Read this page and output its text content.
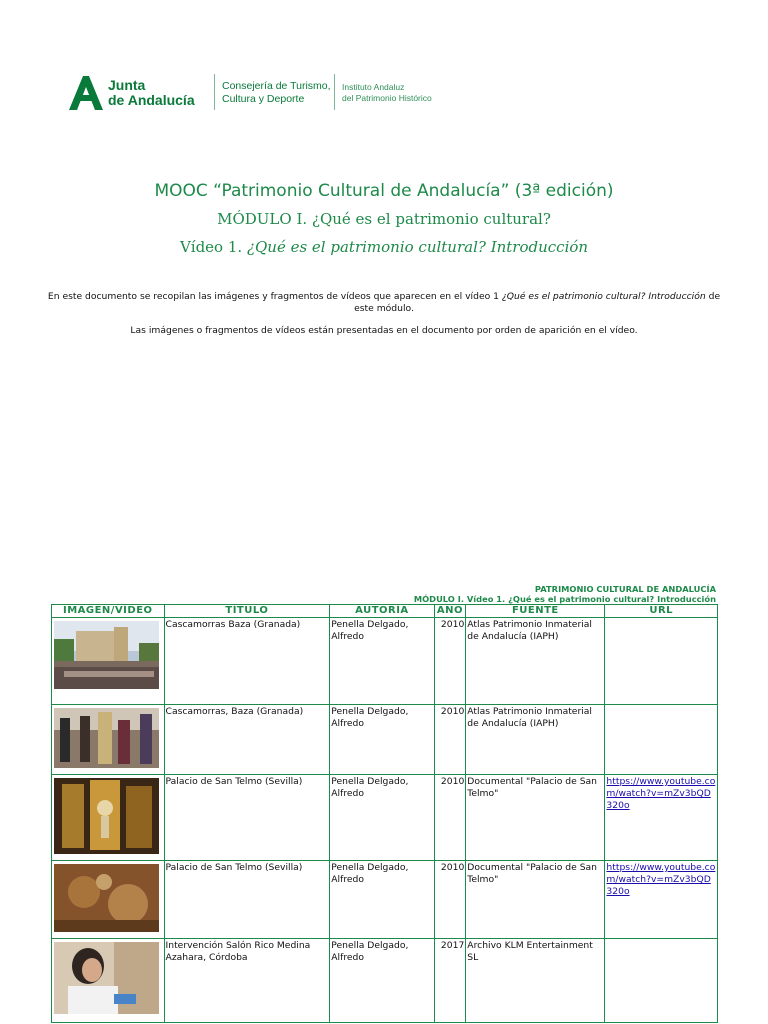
Junta
de Andalucía
Consejería de Turismo,
Cultura y Deporte
Instituto Andaluz
del Patrimonio Histórico
MOOC “Patrimonio Cultural de Andalucía” (3ª edición)
MÓDULO I. ¿Qué es el patrimonio cultural?
Vídeo 1. ¿Qué es el patrimonio cultural? Introducción
En este documento se recopilan las imágenes y fragmentos de vídeos que aparecen en el vídeo 1 ¿Qué es el patrimonio cultural? Introducción de este módulo.
Las imágenes o fragmentos de vídeos están presentadas en el documento por orden de aparición en el vídeo.
PATRIMONIO CULTURAL DE ANDALUCÍA
MÓDULO I. Vídeo 1. ¿Qué es el patrimonio cultural? Introducción
IMAGEN/VÍDEO	TÍTULO	AUTORÍA	AÑO	FUENTE	URL

	Cascamorras Baza (Granada)	Penella Delgado, Alfredo	2010	Atlas Patrimonio Inmaterial de Andalucía (IAPH)	

	Cascamorras, Baza (Granada)	Penella Delgado, Alfredo	2010	Atlas Patrimonio Inmaterial de Andalucía (IAPH)	

	Palacio de San Telmo (Sevilla)	Penella Delgado, Alfredo	2010	Documental "Palacio de San Telmo"	https://www.youtube.com/watch?v=mZv3bQD320o

	Palacio de San Telmo (Sevilla)	Penella Delgado, Alfredo	2010	Documental "Palacio de San Telmo"	https://www.youtube.com/watch?v=mZv3bQD320o

	Intervención Salón Rico Medina Azahara, Córdoba	Penella Delgado, Alfredo	2017	Archivo KLM Entertainment SL	
